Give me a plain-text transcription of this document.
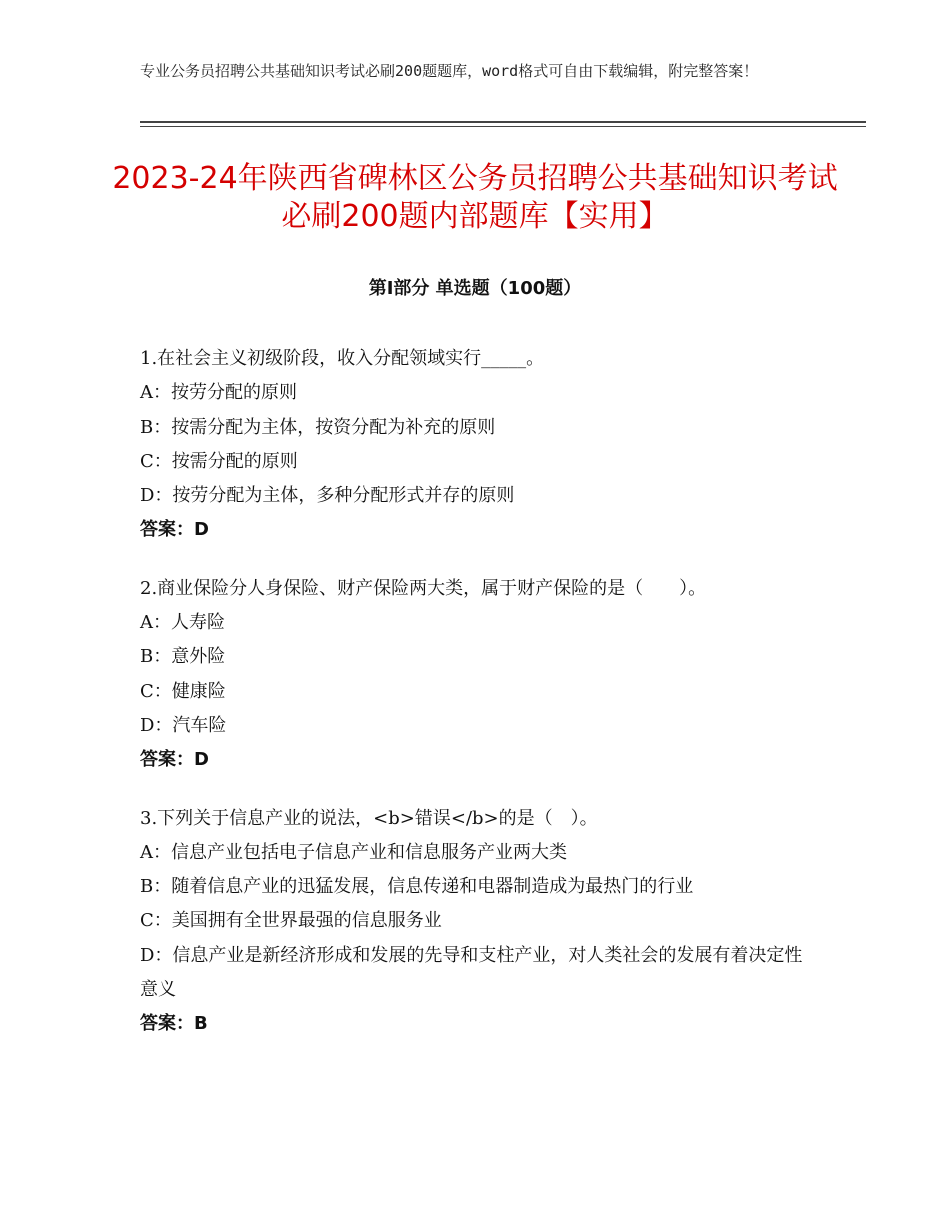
专业公务员招聘公共基础知识考试必刷200题题库，word格式可自由下载编辑，附完整答案！
2023-24年陕西省碑林区公务员招聘公共基础知识考试必刷200题内部题库【实用】
第Ⅰ部分 单选题（100题）

1.在社会主义初级阶段，收入分配领域实行_____。

A：按劳分配的原则

B：按需分配为主体，按资分配为补充的原则

C：按需分配的原则

D：按劳分配为主体，多种分配形式并存的原则

答案：D

2.商业保险分人身保险、财产保险两大类，属于财产保险的是（　　）。

A：人寿险

B：意外险

C：健康险

D：汽车险

答案：D

3.下列关于信息产业的说法，<b>错误</b>的是（　）。

A：信息产业包括电子信息产业和信息服务产业两大类

B：随着信息产业的迅猛发展，信息传递和电器制造成为最热门的行业

C：美国拥有全世界最强的信息服务业

D：信息产业是新经济形成和发展的先导和支柱产业，对人类社会的发展有着决定性意义

答案：B
